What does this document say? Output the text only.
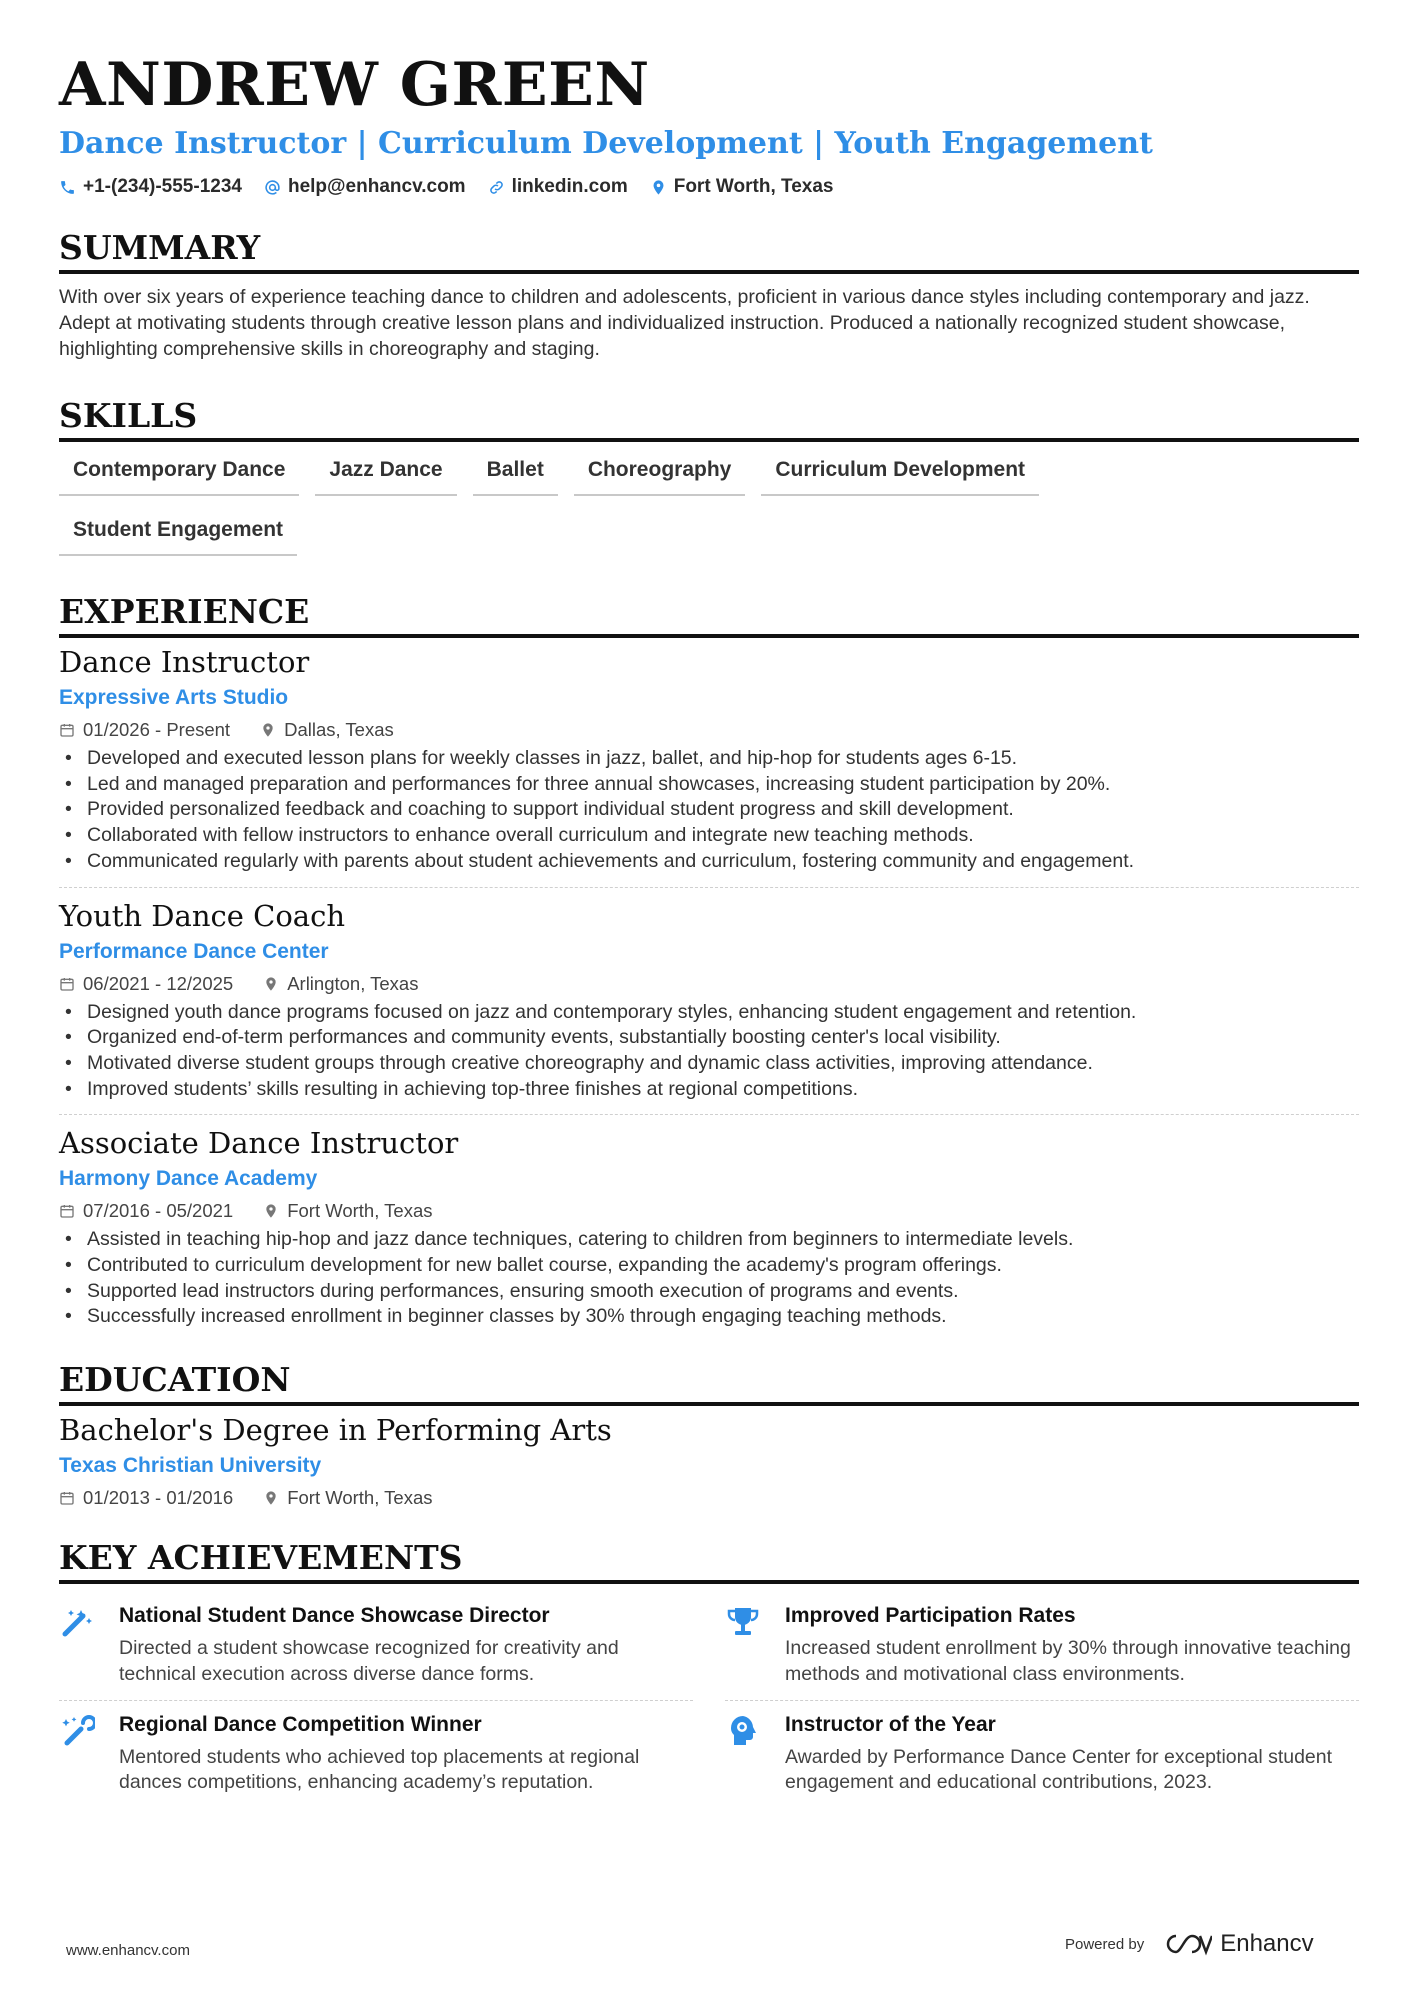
ANDREW GREEN
Dance Instructor | Curriculum Development | Youth Engagement
+1-(234)-555-1234 help@enhancv.com linkedin.com Fort Worth, Texas
SUMMARY
With over six years of experience teaching dance to children and adolescents, proficient in various dance styles including contemporary and jazz. Adept at motivating students through creative lesson plans and individualized instruction. Produced a nationally recognized student showcase, highlighting comprehensive skills in choreography and staging.
SKILLS
Contemporary Dance	Jazz Dance	Ballet	Choreography	Curriculum Development
Student Engagement
EXPERIENCE
Dance Instructor
Expressive Arts Studio
01/2026 - Present	Dallas, Texas
• Developed and executed lesson plans for weekly classes in jazz, ballet, and hip-hop for students ages 6-15.
• Led and managed preparation and performances for three annual showcases, increasing student participation by 20%.
• Provided personalized feedback and coaching to support individual student progress and skill development.
• Collaborated with fellow instructors to enhance overall curriculum and integrate new teaching methods.
• Communicated regularly with parents about student achievements and curriculum, fostering community and engagement.
Youth Dance Coach
Performance Dance Center
06/2021 - 12/2025	Arlington, Texas
• Designed youth dance programs focused on jazz and contemporary styles, enhancing student engagement and retention.
• Organized end-of-term performances and community events, substantially boosting center's local visibility.
• Motivated diverse student groups through creative choreography and dynamic class activities, improving attendance.
• Improved students’ skills resulting in achieving top-three finishes at regional competitions.
Associate Dance Instructor
Harmony Dance Academy
07/2016 - 05/2021	Fort Worth, Texas
• Assisted in teaching hip-hop and jazz dance techniques, catering to children from beginners to intermediate levels.
• Contributed to curriculum development for new ballet course, expanding the academy's program offerings.
• Supported lead instructors during performances, ensuring smooth execution of programs and events.
• Successfully increased enrollment in beginner classes by 30% through engaging teaching methods.
EDUCATION
Bachelor's Degree in Performing Arts
Texas Christian University
01/2013 - 01/2016	Fort Worth, Texas
KEY ACHIEVEMENTS
National Student Dance Showcase Director
Directed a student showcase recognized for creativity and technical execution across diverse dance forms.
Improved Participation Rates
Increased student enrollment by 30% through innovative teaching methods and motivational class environments.
Regional Dance Competition Winner
Mentored students who achieved top placements at regional dances competitions, enhancing academy’s reputation.
Instructor of the Year
Awarded by Performance Dance Center for exceptional student engagement and educational contributions, 2023.
www.enhancv.com	Powered by	Enhancv
